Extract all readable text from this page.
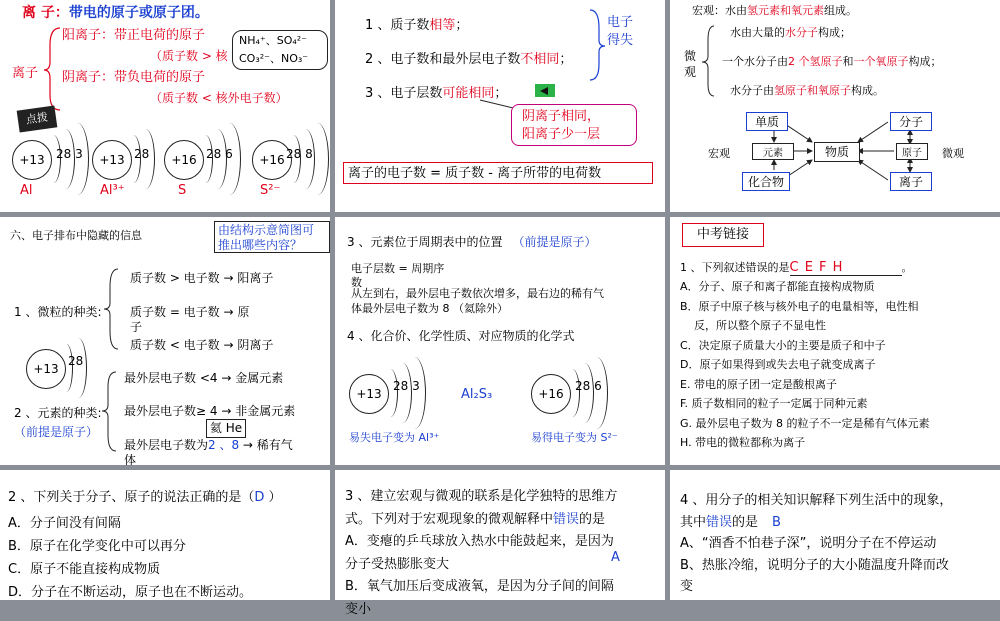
离 子：带电的原子或原子团。
离子
阳离子：带正电荷的原子
（质子数 > 核
阴离子：带负电荷的原子
（质子数 < 核外电子数）
NH₄⁺、SO₄²⁻
CO₃²⁻、NO₃⁻
点拨
+13 28 3
Al
+13 28
Al³⁺
+16 28 6
S
+16 28 8
S²⁻
1 、质子数相等；
2 、电子数和最外层电子数不相同；
3 、电子层数可能相同；
电子
得失
阴离子相同，
阳离子少一层
离子的电子数 = 质子数 - 离子所带的电荷数
宏观：水由氢元素和氧元素组成。
微
观
水由大量的水分子构成；
一个水分子由2 个氢原子和一个氧原子构成；
水分子由氢原子和氧原子构成。
宏观	微观
单质
元素
化合物
物质
分子
原子
离子
六、电子排布中隐藏的信息	由结构示意简图可
推出哪些内容？
1 、微粒的种类:
质子数 > 电子数 → 阳离子
质子数 = 电子数 → 原
子
质子数 < 电子数 → 阴离子
+13
28
2 、元素的种类:
（前提是原子）
最外层电子数 <4 → 金属元素
最外层电子数≥ 4 → 非金属元素
最外层电子数为2 、8 → 稀有气
体
氦 He
3 、元素位于周期表中的位置 （前提是原子）
电子层数 = 周期序
数
从左到右，最外层电子数依次增多，最右边的稀有气
体最外层电子数为 8 （氦除外）
4 、化合价、化学性质、对应物质的化学式
+13
28 3
Al₂S₃	+16
28 6
易失电子变为 Al³⁺	易得电子变为 S²⁻
中考链接
1 、下列叙述错误的是C E F H	。
A．分子、原子和离子都能直接构成物质
B．原子中原子核与核外电子的电量相等，电性相
反，所以整个原子不显电性
C．决定原子质量大小的主要是质子和中子
D．原子如果得到或失去电子就变成离子
E. 带电的原子团一定是酸根离子
F. 质子数相同的粒子一定属于同种元素
G. 最外层电子数为 8 的粒子不一定是稀有气体元素
H. 带电的微粒都称为离子
2 、下列关于分子、原子的说法正确的是（D ）
A．分子间没有间隔
B．原子在化学变化中可以再分
C．原子不能直接构成物质
D．分子在不断运动，原子也在不断运动。
3 、建立宏观与微观的联系是化学独特的思维方
式。下列对于宏观现象的微观解释中错误的是
A．变瘪的乒乓球放入热水中能鼓起来，是因为
分子受热膨胀变大
B．氧气加压后变成液氧，是因为分子间的间隔
变小
A
4 、用分子的相关知识解释下列生活中的现象，
其中错误的是 B
A、“酒香不怕巷子深”，说明分子在不停运动
B、热胀冷缩，说明分子的大小随温度升降而改
变
